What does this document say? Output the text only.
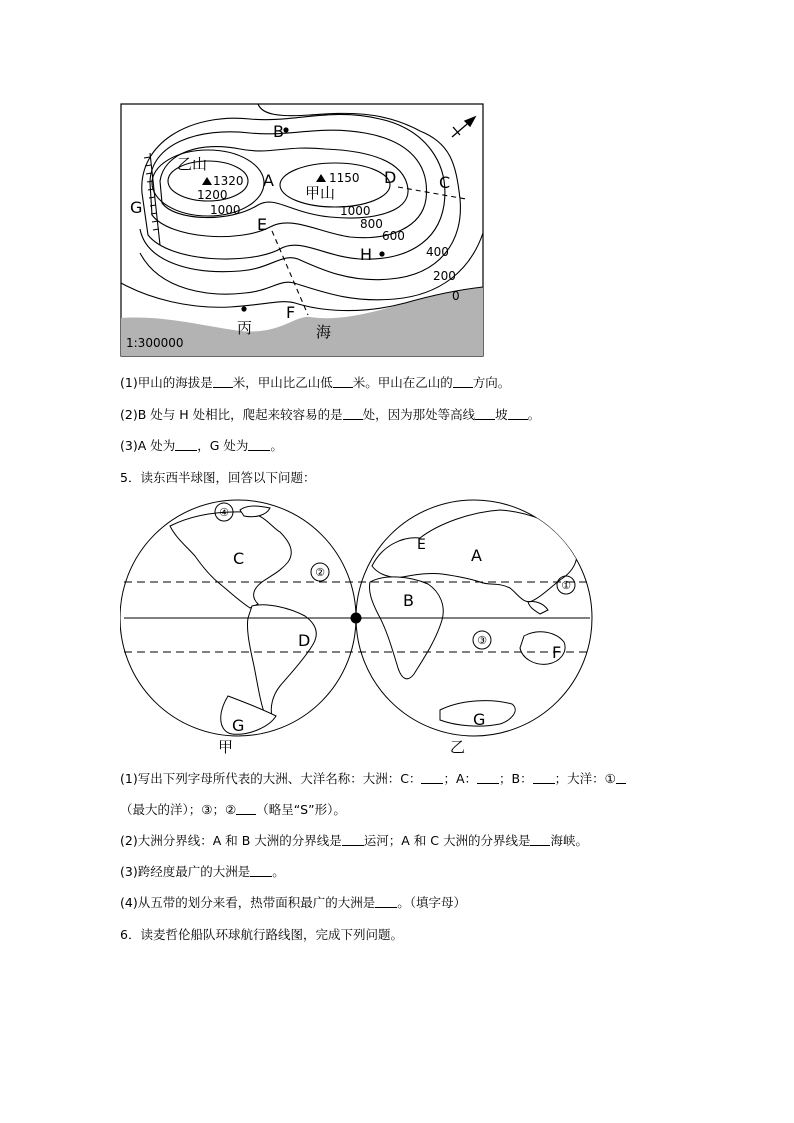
B
A	C
D
E
F
G
H
乙山
甲山
丙	海
1320	1150
1200
1000	1000
800
600
400
200
0
1:300000
(1)甲山的海拔是 米，甲山比乙山低 米。甲山在乙山的 方向。
(2)B 处与 H 处相比，爬起来较容易的是 处，因为那处等高线 坡 。
(3)A 处为 ，G 处为 。
5．读东西半球图，回答以下问题：
C
D
A
B
E
F
G	G
甲	乙
④
②
①
③
(1)写出下列字母所代表的大洲、大洋名称：大洲：C： ；A： ；B： ；大洋：①
（最大的洋）；③；② （略呈“S”形）。
(2)大洲分界线：A 和 B 大洲的分界线是 运河；A 和 C 大洲的分界线是 海峡。
(3)跨经度最广的大洲是 。
(4)从五带的划分来看，热带面积最广的大洲是 。（填字母）
6．读麦哲伦船队环球航行路线图，完成下列问题。
